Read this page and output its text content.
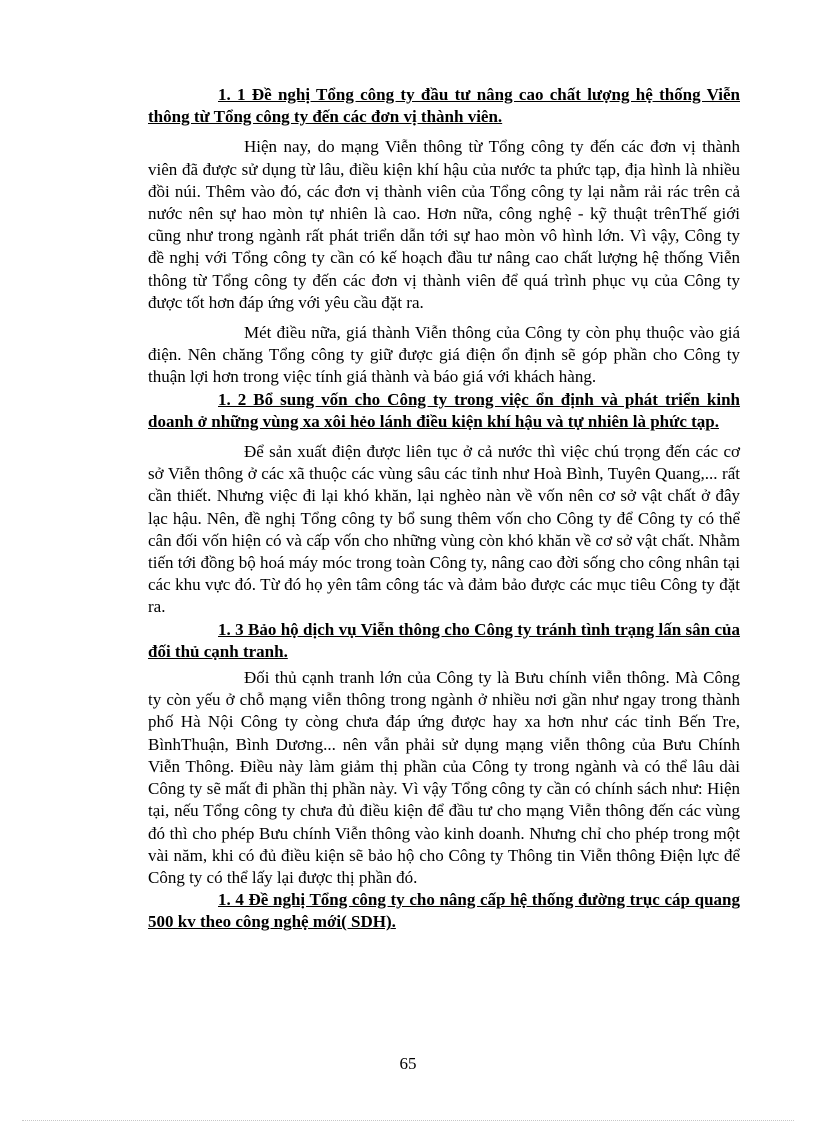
1. 1 Đề nghị Tổng công ty đầu tư nâng cao chất lượng hệ thống Viễn thông từ Tổng công ty đến các đơn vị thành viên.

Hiện nay, do mạng Viễn thông từ Tổng công ty đến các đơn vị thành viên đã được sử dụng từ lâu, điều kiện khí hậu của nước ta phức tạp, địa hình là nhiều đồi núi. Thêm vào đó, các đơn vị thành viên của Tổng công ty lại nằm rải rác trên cả nước nên sự hao mòn tự nhiên là cao. Hơn nữa, công nghệ - kỹ thuật trênThế giới cũng như trong ngành rất phát triển dẫn tới sự hao mòn vô hình lớn. Vì vậy, Công ty đề nghị với Tổng công ty cần có kế hoạch đầu tư nâng cao chất lượng hệ thống Viễn thông từ Tổng công ty đến các đơn vị thành viên để quá trình phục vụ của Công ty được tốt hơn đáp ứng với yêu cầu đặt ra.

Mét điều nữa, giá thành Viễn thông của Công ty còn phụ thuộc vào giá điện. Nên chăng Tổng công ty giữ được giá điện ổn định sẽ góp phần cho Công ty thuận lợi hơn trong việc tính giá thành và báo giá với khách hàng.

1. 2 Bổ sung vốn cho Công ty trong việc ổn định và phát triển kinh doanh ở những vùng xa xôi hẻo lánh điều kiện khí hậu và tự nhiên là phức tạp.

Để sản xuất điện được liên tục ở cả nước thì việc chú trọng đến các cơ sở Viễn thông ở các xã thuộc các vùng sâu các tỉnh như Hoà Bình, Tuyên Quang,... rất cần thiết. Nhưng việc đi lại khó khăn, lại nghèo nàn về vốn nên cơ sở vật chất ở đây lạc hậu. Nên, đề nghị Tổng công ty bổ sung thêm vốn cho Công ty để Công ty có thể cân đối vốn hiện có và cấp vốn cho những vùng còn khó khăn về cơ sở vật chất. Nhằm tiến tới đồng bộ hoá máy móc trong toàn Công ty, nâng cao đời sống cho công nhân tại các khu vực đó. Từ đó họ yên tâm công tác và đảm bảo được các mục tiêu Công ty đặt ra.

1. 3 Bảo hộ dịch vụ Viễn thông cho Công ty tránh tình trạng lấn sân của đối thủ cạnh tranh.

Đối thủ cạnh tranh lớn của Công ty là Bưu chính viễn thông. Mà Công ty còn yếu ở chỗ mạng viễn thông trong ngành ở nhiều nơi gần như ngay trong thành phố Hà Nội Công ty còng chưa đáp ứng được hay xa hơn như các tỉnh Bến Tre, BìnhThuận, Bình Dương... nên vẫn phải sử dụng mạng viễn thông của Bưu Chính Viễn Thông. Điều này làm giảm thị phần của Công ty trong ngành và có thể lâu dài Công ty sẽ mất đi phần thị phần này. Vì vậy Tổng công ty cần có chính sách như: Hiện tại, nếu Tổng công ty chưa đủ điều kiện để đầu tư cho mạng Viễn thông đến các vùng đó thì cho phép Bưu chính Viễn thông vào kinh doanh. Nhưng chỉ cho phép trong một vài năm, khi có đủ điều kiện sẽ bảo hộ cho Công ty Thông tin Viễn thông Điện lực để Công ty có thể lấy lại được thị phần đó.

1. 4 Đề nghị Tổng công ty cho nâng cấp hệ thống đường trục cáp quang 500 kv theo công nghệ mới( SDH).

65
